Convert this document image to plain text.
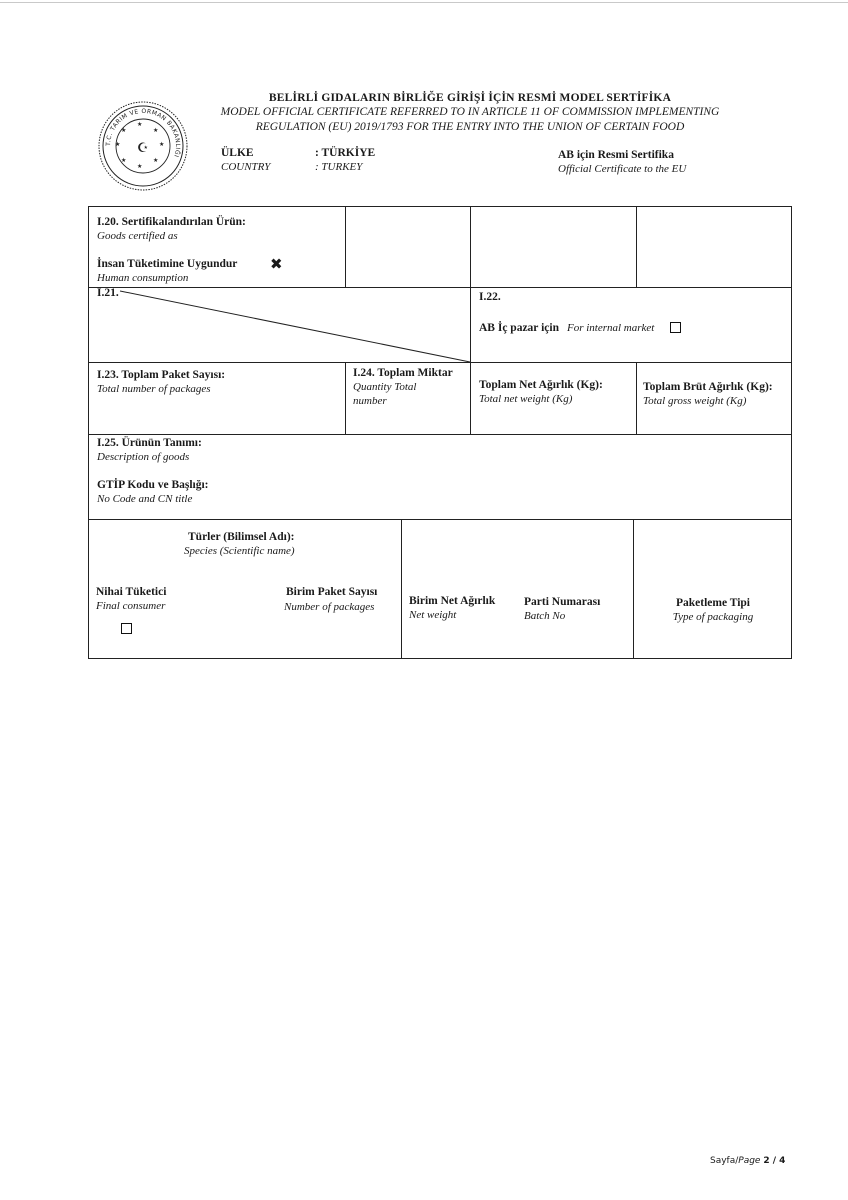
T.C. TARIM VE ORMAN BAKANLIĞI
★
★
★
★
★
★
★
★
☪
BELİRLİ GIDALARIN BİRLİĞE GİRİŞİ İÇİN RESMİ MODEL SERTİFİKA
MODEL OFFICIAL CERTIFICATE REFERRED TO IN ARTICLE 11 OF COMMISSION IMPLEMENTING
REGULATION (EU) 2019/1793 FOR THE ENTRY INTO THE UNION OF CERTAIN FOOD
ÜLKE
COUNTRY
: TÜRKİYE
: TURKEY
AB için Resmi Sertifika
Official Certificate to the EU
I.20. Sertifikalandırılan Ürün:
Goods certified as
İnsan Tüketimine Uygundur
Human consumption
✖
I.21.	I.22.
AB İç pazar için For internal market
I.23. Toplam Paket Sayısı:
Total number of packages
I.24. Toplam Miktar
Quantity Total
number
Toplam Net Ağırlık (Kg):
Total net weight (Kg)
Toplam Brüt Ağırlık (Kg):
Total gross weight (Kg)
I.25. Ürünün Tanımı:
Description of goods
GTİP Kodu ve Başlığı:
No Code and CN title
Türler (Bilimsel Adı):
Species (Scientific name)
Nihai Tüketici
Final consumer
Birim Paket Sayısı
Number of packages	Birim Net Ağırlık
Net weight
Parti Numarası
Batch No
Paketleme Tipi
Type of packaging
Sayfa/Page 2 / 4
